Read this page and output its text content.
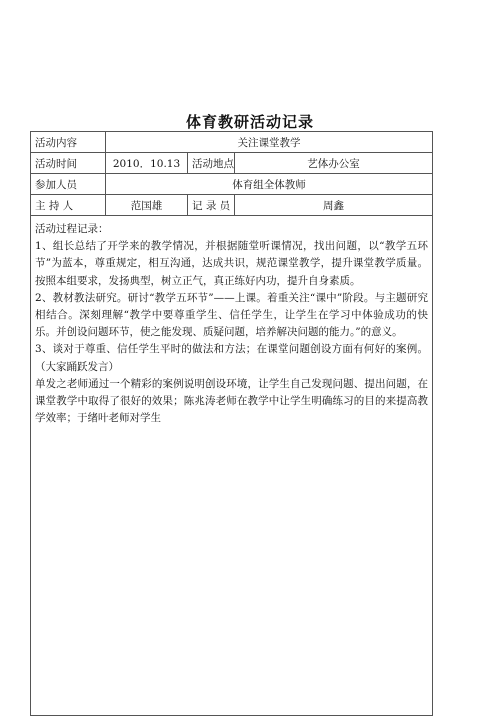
体育教研活动记录
活动内容	关注课堂教学		
活动时间	2010．10.13	活动地点	艺体办公室
参加人员	体育组全体教师		
主 持 人	范国雄	记 录 员	周鑫

活动过程记录：

1、组长总结了开学来的教学情况，并根据随堂听课情况，找出问题，以“教学五环节”为蓝本，尊重规定，相互沟通，达成共识，规范课堂教学，提升课堂教学质量。按照本组要求，发扬典型，树立正气，真正练好内功，提升自身素质。

2、教材教法研究。研讨“教学五环节”——上课。着重关注“课中”阶段。与主题研究相结合。深刻理解“教学中要尊重学生、信任学生，让学生在学习中体验成功的快乐。并创设问题环节，使之能发现、质疑问题，培养解决问题的能力。”的意义。

3、谈对于尊重、信任学生平时的做法和方法；在课堂问题创设方面有何好的案例。（大家踊跃发言）

单发之老师通过一个精彩的案例说明创设环境，让学生自己发现问题、提出问题，在课堂教学中取得了很好的效果；陈兆涛老师在教学中让学生明确练习的目的来提高教学效率；于绪叶老师对学生			
